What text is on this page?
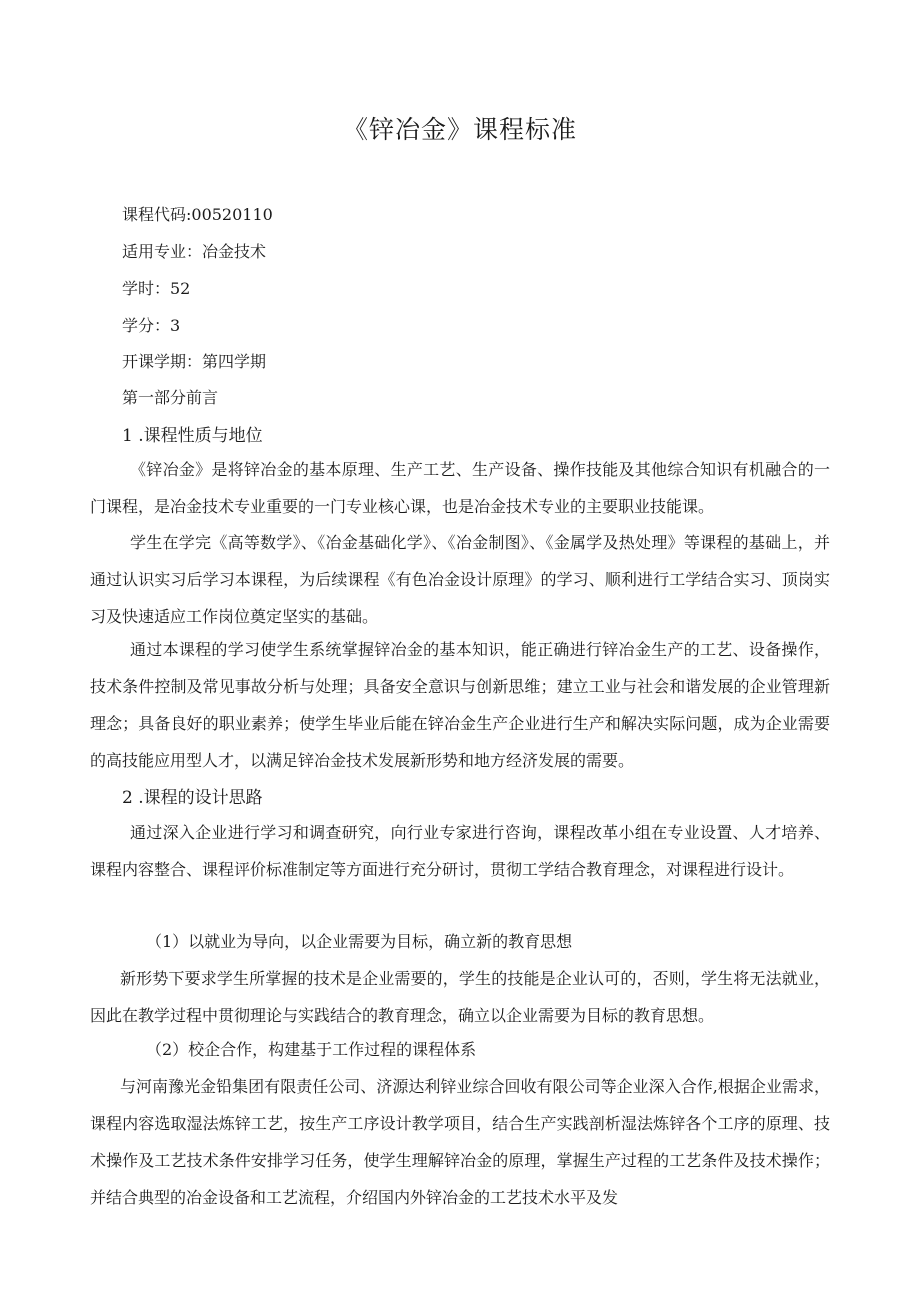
《锌冶金》课程标准

课程代码:00520110

适用专业：冶金技术

学时：52

学分：3

开课学期：第四学期

第一部分前言

1 .课程性质与地位

《锌冶金》是将锌冶金的基本原理、生产工艺、生产设备、操作技能及其他综合知识有机融合的一门课程，是冶金技术专业重要的一门专业核心课，也是冶金技术专业的主要职业技能课。

学生在学完《高等数学》、《冶金基础化学》、《冶金制图》、《金属学及热处理》等课程的基础上，并通过认识实习后学习本课程，为后续课程《有色冶金设计原理》的学习、顺利进行工学结合实习、顶岗实习及快速适应工作岗位奠定坚实的基础。

通过本课程的学习使学生系统掌握锌冶金的基本知识，能正确进行锌冶金生产的工艺、设备操作，技术条件控制及常见事故分析与处理；具备安全意识与创新思维；建立工业与社会和谐发展的企业管理新理念；具备良好的职业素养；使学生毕业后能在锌冶金生产企业进行生产和解决实际问题，成为企业需要的高技能应用型人才，以满足锌冶金技术发展新形势和地方经济发展的需要。

2 .课程的设计思路

通过深入企业进行学习和调查研究，向行业专家进行咨询，课程改革小组在专业设置、人才培养、课程内容整合、课程评价标准制定等方面进行充分研讨，贯彻工学结合教育理念，对课程进行设计。

（1）以就业为导向，以企业需要为目标，确立新的教育思想

新形势下要求学生所掌握的技术是企业需要的，学生的技能是企业认可的，否则，学生将无法就业，因此在教学过程中贯彻理论与实践结合的教育理念，确立以企业需要为目标的教育思想。

（2）校企合作，构建基于工作过程的课程体系

与河南豫光金铅集团有限责任公司、济源达利锌业综合回收有限公司等企业深入合作,根据企业需求，课程内容选取湿法炼锌工艺，按生产工序设计教学项目，结合生产实践剖析湿法炼锌各个工序的原理、技术操作及工艺技术条件安排学习任务，使学生理解锌冶金的原理，掌握生产过程的工艺条件及技术操作；并结合典型的冶金设备和工艺流程，介绍国内外锌冶金的工艺技术水平及发
